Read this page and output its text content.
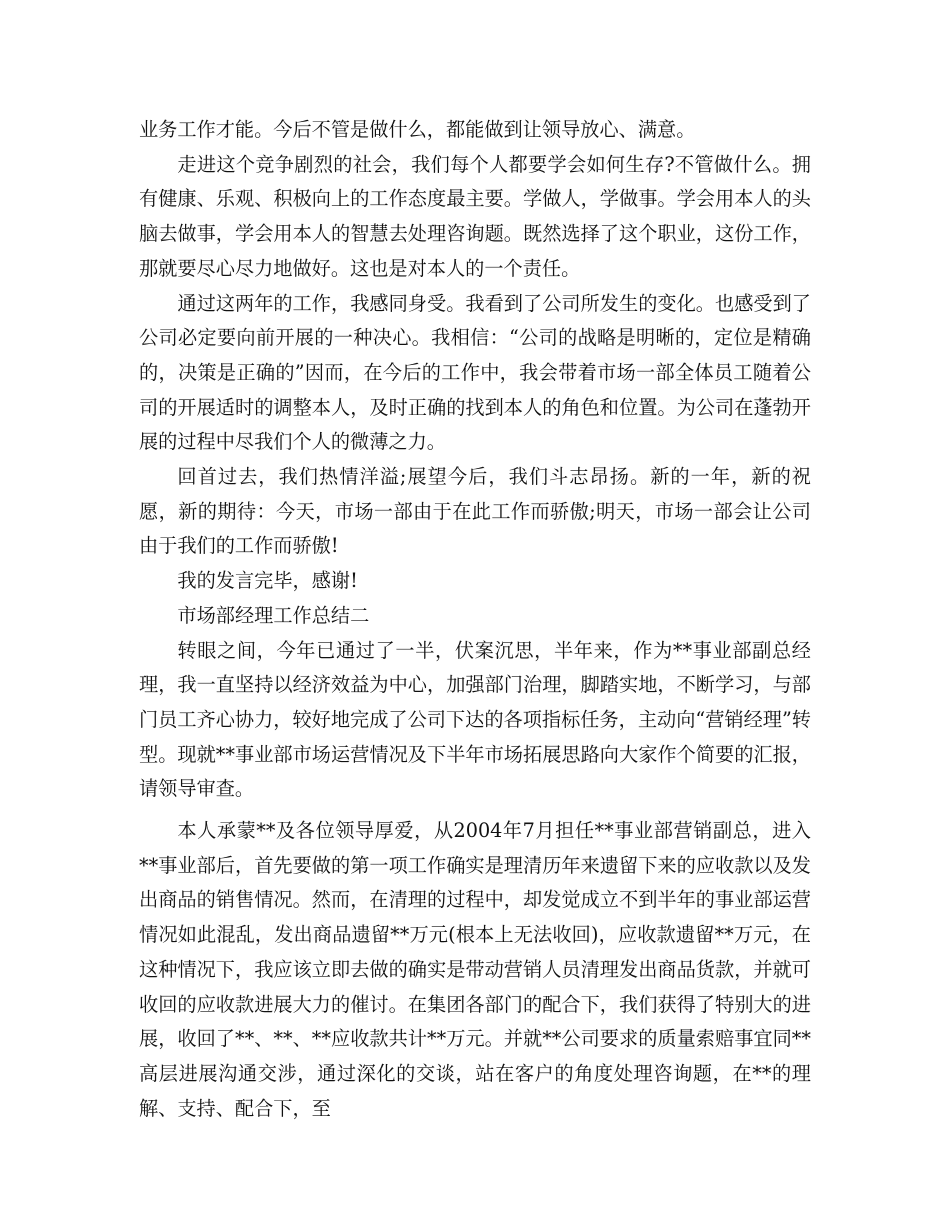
业务工作才能。今后不管是做什么，都能做到让领导放心、满意。

走进这个竞争剧烈的社会，我们每个人都要学会如何生存?不管做什么。拥有健康、乐观、积极向上的工作态度最主要。学做人，学做事。学会用本人的头脑去做事，学会用本人的智慧去处理咨询题。既然选择了这个职业，这份工作，那就要尽心尽力地做好。这也是对本人的一个责任。

通过这两年的工作，我感同身受。我看到了公司所发生的变化。也感受到了公司必定要向前开展的一种决心。我相信：“公司的战略是明晰的，定位是精确的，决策是正确的”因而，在今后的工作中，我会带着市场一部全体员工随着公司的开展适时的调整本人，及时正确的找到本人的角色和位置。为公司在蓬勃开展的过程中尽我们个人的微薄之力。

回首过去，我们热情洋溢;展望今后，我们斗志昂扬。新的一年，新的祝愿，新的期待：今天，市场一部由于在此工作而骄傲;明天，市场一部会让公司由于我们的工作而骄傲!

我的发言完毕，感谢!

市场部经理工作总结二

转眼之间，今年已通过了一半，伏案沉思，半年来，作为**事业部副总经理，我一直坚持以经济效益为中心，加强部门治理，脚踏实地，不断学习，与部门员工齐心协力，较好地完成了公司下达的各项指标任务，主动向“营销经理”转型。现就**事业部市场运营情况及下半年市场拓展思路向大家作个简要的汇报，请领导审查。

本人承蒙**及各位领导厚爱，从2004年7月担任**事业部营销副总，进入**事业部后，首先要做的第一项工作确实是理清历年来遗留下来的应收款以及发出商品的销售情况。然而，在清理的过程中，却发觉成立不到半年的事业部运营情况如此混乱，发出商品遗留**万元(根本上无法收回)，应收款遗留**万元，在这种情况下，我应该立即去做的确实是带动营销人员清理发出商品货款，并就可收回的应收款进展大力的催讨。在集团各部门的配合下，我们获得了特别大的进展，收回了**、**、**应收款共计**万元。并就**公司要求的质量索赔事宜同**高层进展沟通交涉，通过深化的交谈，站在客户的角度处理咨询题，在**的理解、支持、配合下，至
